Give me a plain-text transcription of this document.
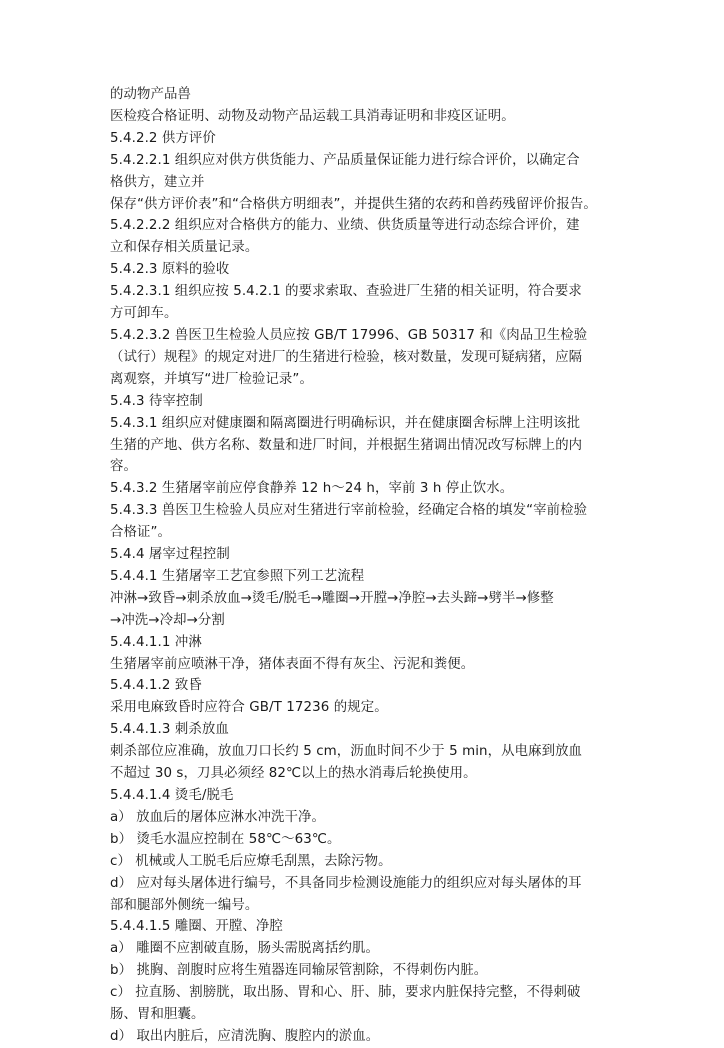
的动物产品兽
医检疫合格证明、动物及动物产品运载工具消毒证明和非疫区证明。
5.4.2.2 供方评价
5.4.2.2.1 组织应对供方供货能力、产品质量保证能力进行综合评价，以确定合
格供方，建立并
保存“供方评价表”和“合格供方明细表”，并提供生猪的农药和兽药残留评价报告。
5.4.2.2.2 组织应对合格供方的能力、业绩、供货质量等进行动态综合评价，建
立和保存相关质量记录。
5.4.2.3 原料的验收
5.4.2.3.1 组织应按 5.4.2.1 的要求索取、查验进厂生猪的相关证明，符合要求
方可卸车。
5.4.2.3.2 兽医卫生检验人员应按 GB/T 17996、GB 50317 和《肉品卫生检验
（试行）规程》的规定对进厂的生猪进行检验，核对数量，发现可疑病猪，应隔
离观察，并填写“进厂检验记录”。
5.4.3 待宰控制
5.4.3.1 组织应对健康圈和隔离圈进行明确标识，并在健康圈舍标牌上注明该批
生猪的产地、供方名称、数量和进厂时间，并根据生猪调出情况改写标牌上的内
容。
5.4.3.2 生猪屠宰前应停食静养 12 h～24 h，宰前 3 h 停止饮水。
5.4.3.3 兽医卫生检验人员应对生猪进行宰前检验，经确定合格的填发“宰前检验
合格证”。
5.4.4 屠宰过程控制
5.4.4.1 生猪屠宰工艺宜参照下列工艺流程
冲淋→致昏→刺杀放血→烫毛/脱毛→雕圈→开膛→净腔→去头蹄→劈半→修整
→冲洗→冷却→分割
5.4.4.1.1 冲淋
生猪屠宰前应喷淋干净，猪体表面不得有灰尘、污泥和粪便。
5.4.4.1.2 致昏
采用电麻致昏时应符合 GB/T 17236 的规定。
5.4.4.1.3 刺杀放血
刺杀部位应准确，放血刀口长约 5 cm，沥血时间不少于 5 min，从电麻到放血
不超过 30 s，刀具必须经 82℃以上的热水消毒后轮换使用。
5.4.4.1.4 烫毛/脱毛
a） 放血后的屠体应淋水冲洗干净。
b） 烫毛水温应控制在 58℃～63℃。
c） 机械或人工脱毛后应燎毛刮黑，去除污物。
d） 应对每头屠体进行编号，不具备同步检测设施能力的组织应对每头屠体的耳
部和腿部外侧统一编号。
5.4.4.1.5 雕圈、开膛、净腔
a） 雕圈不应割破直肠，肠头需脱离括约肌。
b） 挑胸、剖腹时应将生殖器连同输尿管割除，不得刺伤内脏。
c） 拉直肠、割膀胱，取出肠、胃和心、肝、肺，要求内脏保持完整，不得刺破
肠、胃和胆囊。
d） 取出内脏后，应清洗胸、腹腔内的淤血。
